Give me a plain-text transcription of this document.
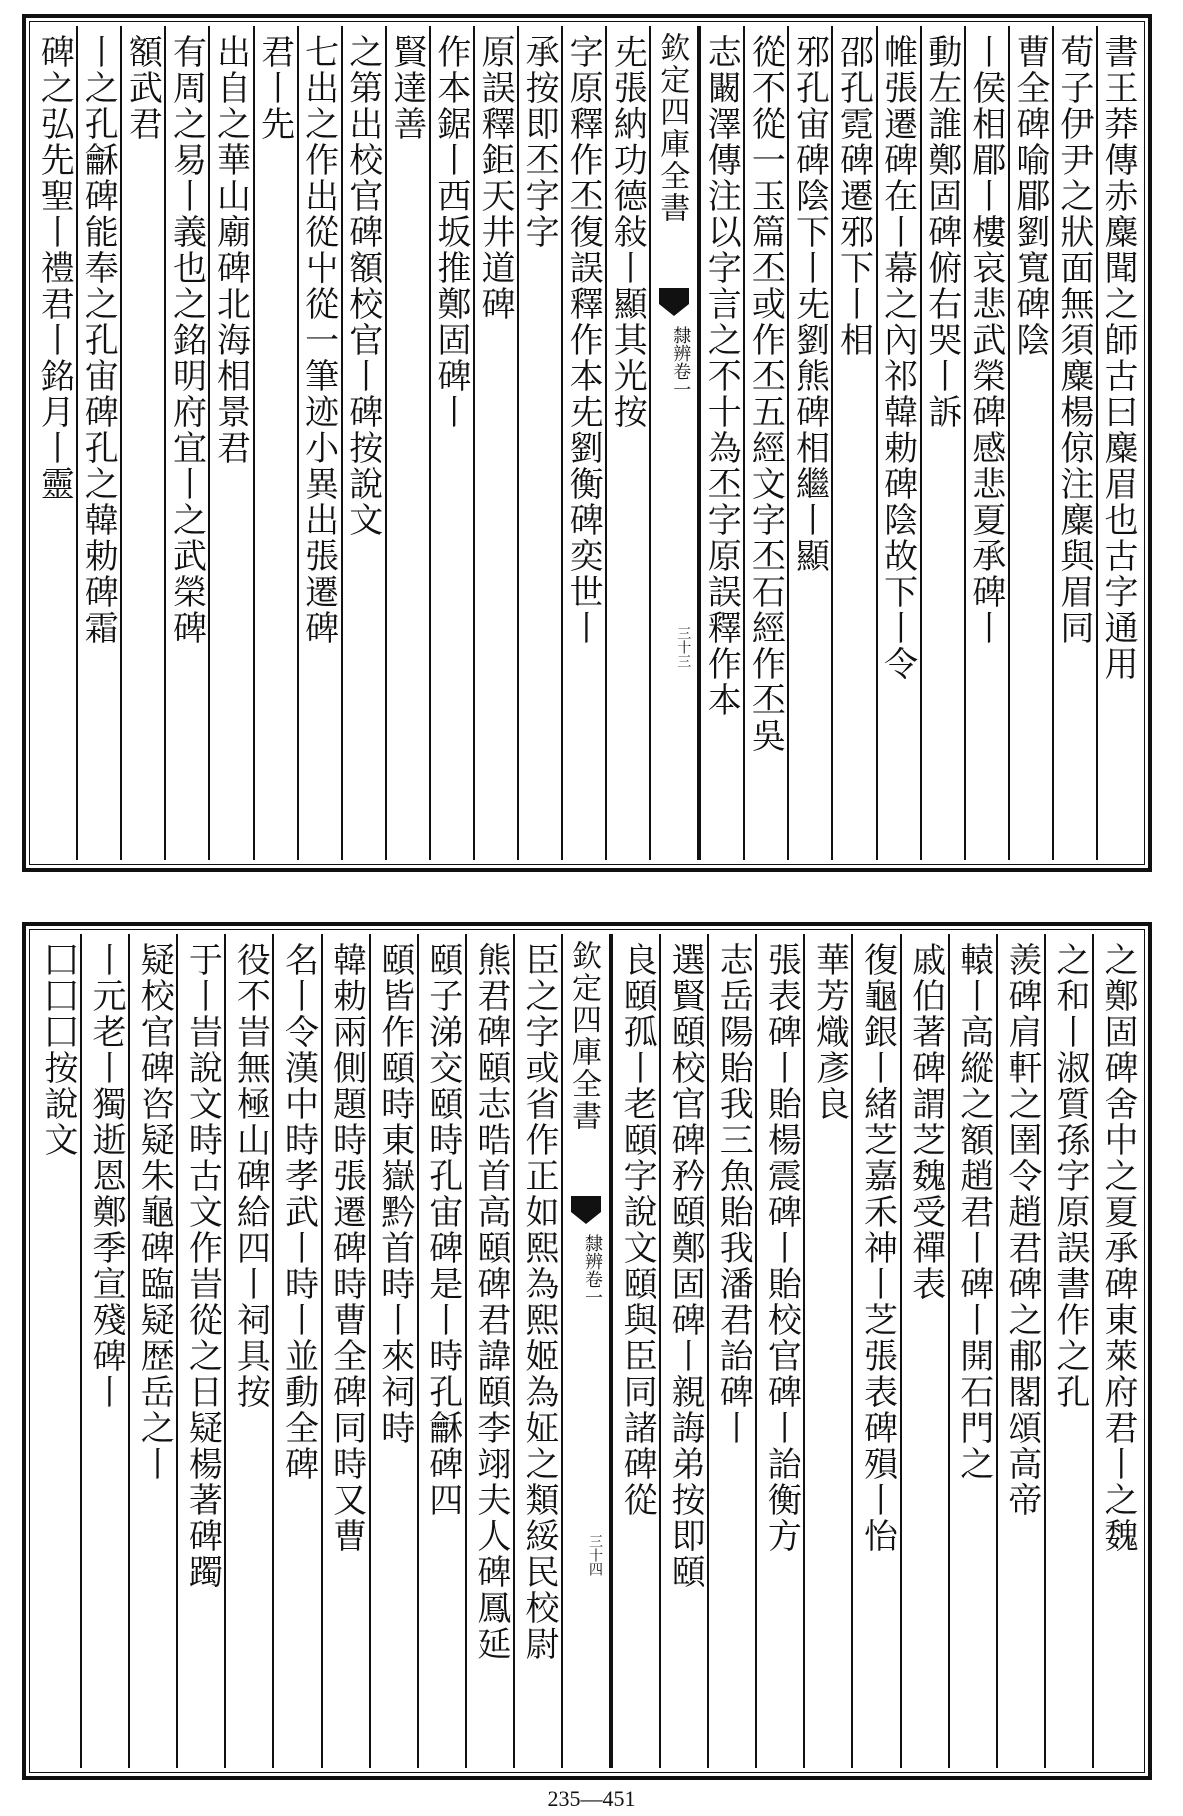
書王莽傳赤麋聞之師古曰麋眉也古字通用
荀子伊尹之狀面無須麋楊倞注麋與眉同
曹全碑喻郿劉寬碑陰
丨侯相郿丨樓哀悲武榮碑感悲夏承碑丨
動左誰鄭固碑俯右哭丨訴
帷張遷碑在丨幕之內祁韓勅碑陰故下丨令
邵孔霓碑遷邪下丨相
邪孔宙碑陰下丨兂劉熊碑相繼丨顯
從不從一玉篇丕或作丕五經文字丕石經作丕吳
志闞澤傳注以字言之不十為丕字原誤釋作本
欽定四庫全書
隸辨卷一
三十三
兂張納功德敍丨顯其光按
字原釋作丕復誤釋作本兂劉衡碑奕世丨
承按即丕字字
原誤釋鉅天井道碑
作本鋸丨西坂推鄭固碑丨
賢達善
之第出校官碑額校官丨碑按說文
七出之作出從屮從一筆迹小異出張遷碑
君丨先
出自之華山廟碑北海相景君
有周之易丨義也之銘明府宜丨之武榮碑
額武君
丨之孔龢碑能奉之孔宙碑孔之韓勅碑霜
碑之弘先聖丨禮君丨銘月丨靈
之鄭固碑舍中之夏承碑東萊府君丨之魏
之和丨淑質孫字原誤書作之孔
羨碑肩軒之圉令趙君碑之郙閣頌高帝
轅丨高縱之額趙君丨碑丨開石門之
戚伯著碑謂芝魏受禪表
復龜銀丨緒芝嘉禾神丨芝張表碑殞丨怡
華芳熾彥良
張表碑丨貽楊震碑丨貽校官碑丨詒衡方
志岳陽貽我三魚貽我潘君詒碑丨
選賢頤校官碑矜頤鄭固碑丨親誨弟按即頤
良頤孤丨老頤字說文頤與臣同諸碑從
欽定四庫全書
隸辨卷一
三十四
臣之字或省作正如熙為熙姬為姃之類綏民校尉
熊君碑頤志晧首高頤碑君諱頤李翊夫人碑鳳延
頤子涕交頤時孔宙碑是丨時孔龢碑四
頤皆作頤時東嶽黔首時丨來祠時
韓勅兩側題時張遷碑時曹全碑同時又曹
名丨令漢中時孝武丨時丨並動全碑
役不旹無極山碑給四丨祠具按
于丨旹說文時古文作旹從之日疑楊著碑躅
疑校官碑咨疑朱龜碑臨疑歴岳之丨
丨元老丨獨逝恩鄭季宣殘碑丨
囗囗囗按說文
235—451
